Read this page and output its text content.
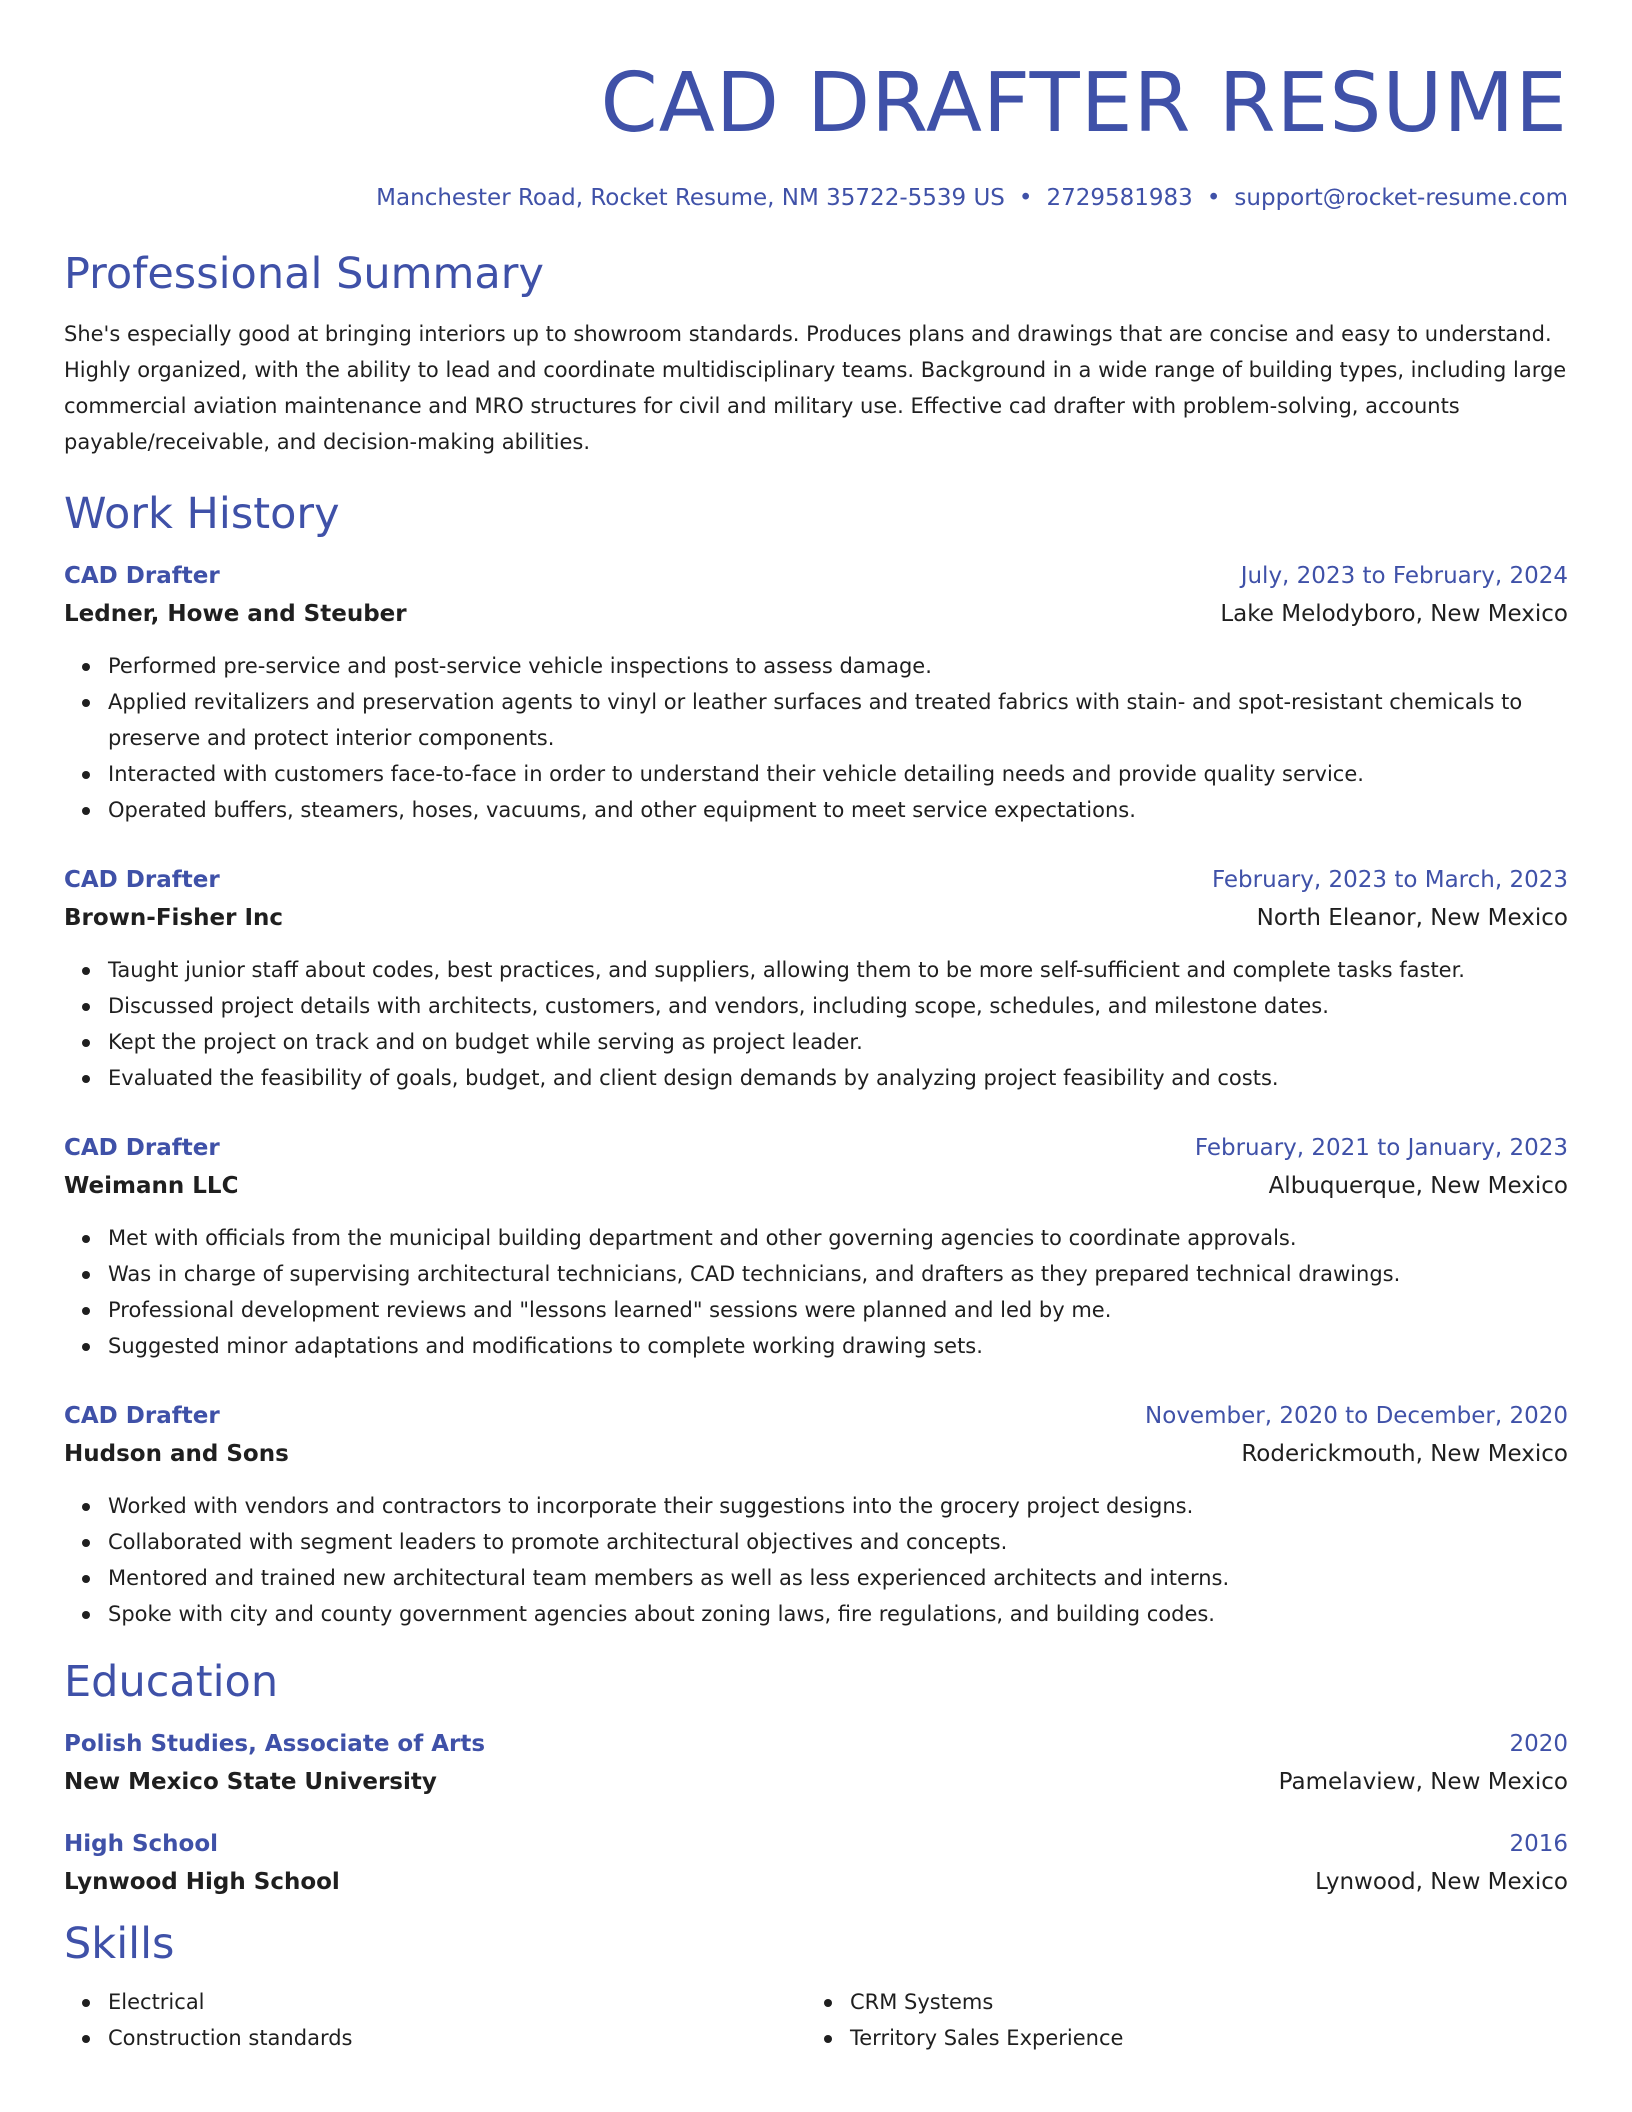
CAD DRAFTER RESUME
Manchester Road, Rocket Resume, NM 35722-5539 US • 2729581983 • support@rocket-resume.com
Professional Summary

She's especially good at bringing interiors up to showroom standards. Produces plans and drawings that are concise and easy to understand. Highly organized, with the ability to lead and coordinate multidisciplinary teams. Background in a wide range of building types, including large commercial aviation maintenance and MRO structures for civil and military use. Effective cad drafter with problem-solving, accounts payable/receivable, and decision-making abilities.

Work History
CAD Drafter	July, 2023 to February, 2024
Ledner, Howe and Steuber	Lake Melodyboro, New Mexico
Performed pre-service and post-service vehicle inspections to assess damage.
Applied revitalizers and preservation agents to vinyl or leather surfaces and treated fabrics with stain- and spot-resistant chemicals to preserve and protect interior components.
Interacted with customers face-to-face in order to understand their vehicle detailing needs and provide quality service.
Operated buffers, steamers, hoses, vacuums, and other equipment to meet service expectations.
CAD Drafter	February, 2023 to March, 2023
Brown-Fisher Inc	North Eleanor, New Mexico
Taught junior staff about codes, best practices, and suppliers, allowing them to be more self-sufficient and complete tasks faster.
Discussed project details with architects, customers, and vendors, including scope, schedules, and milestone dates.
Kept the project on track and on budget while serving as project leader.
Evaluated the feasibility of goals, budget, and client design demands by analyzing project feasibility and costs.
CAD Drafter	February, 2021 to January, 2023
Weimann LLC	Albuquerque, New Mexico
Met with officials from the municipal building department and other governing agencies to coordinate approvals.
Was in charge of supervising architectural technicians, CAD technicians, and drafters as they prepared technical drawings.
Professional development reviews and "lessons learned" sessions were planned and led by me.
Suggested minor adaptations and modifications to complete working drawing sets.
CAD Drafter	November, 2020 to December, 2020
Hudson and Sons	Roderickmouth, New Mexico
Worked with vendors and contractors to incorporate their suggestions into the grocery project designs.
Collaborated with segment leaders to promote architectural objectives and concepts.
Mentored and trained new architectural team members as well as less experienced architects and interns.
Spoke with city and county government agencies about zoning laws, fire regulations, and building codes.
Education
Polish Studies, Associate of Arts	2020
New Mexico State University	Pamelaview, New Mexico
High School	2016
Lynwood High School	Lynwood, New Mexico
Skills
Electrical
Construction standards
CRM Systems
Territory Sales Experience
